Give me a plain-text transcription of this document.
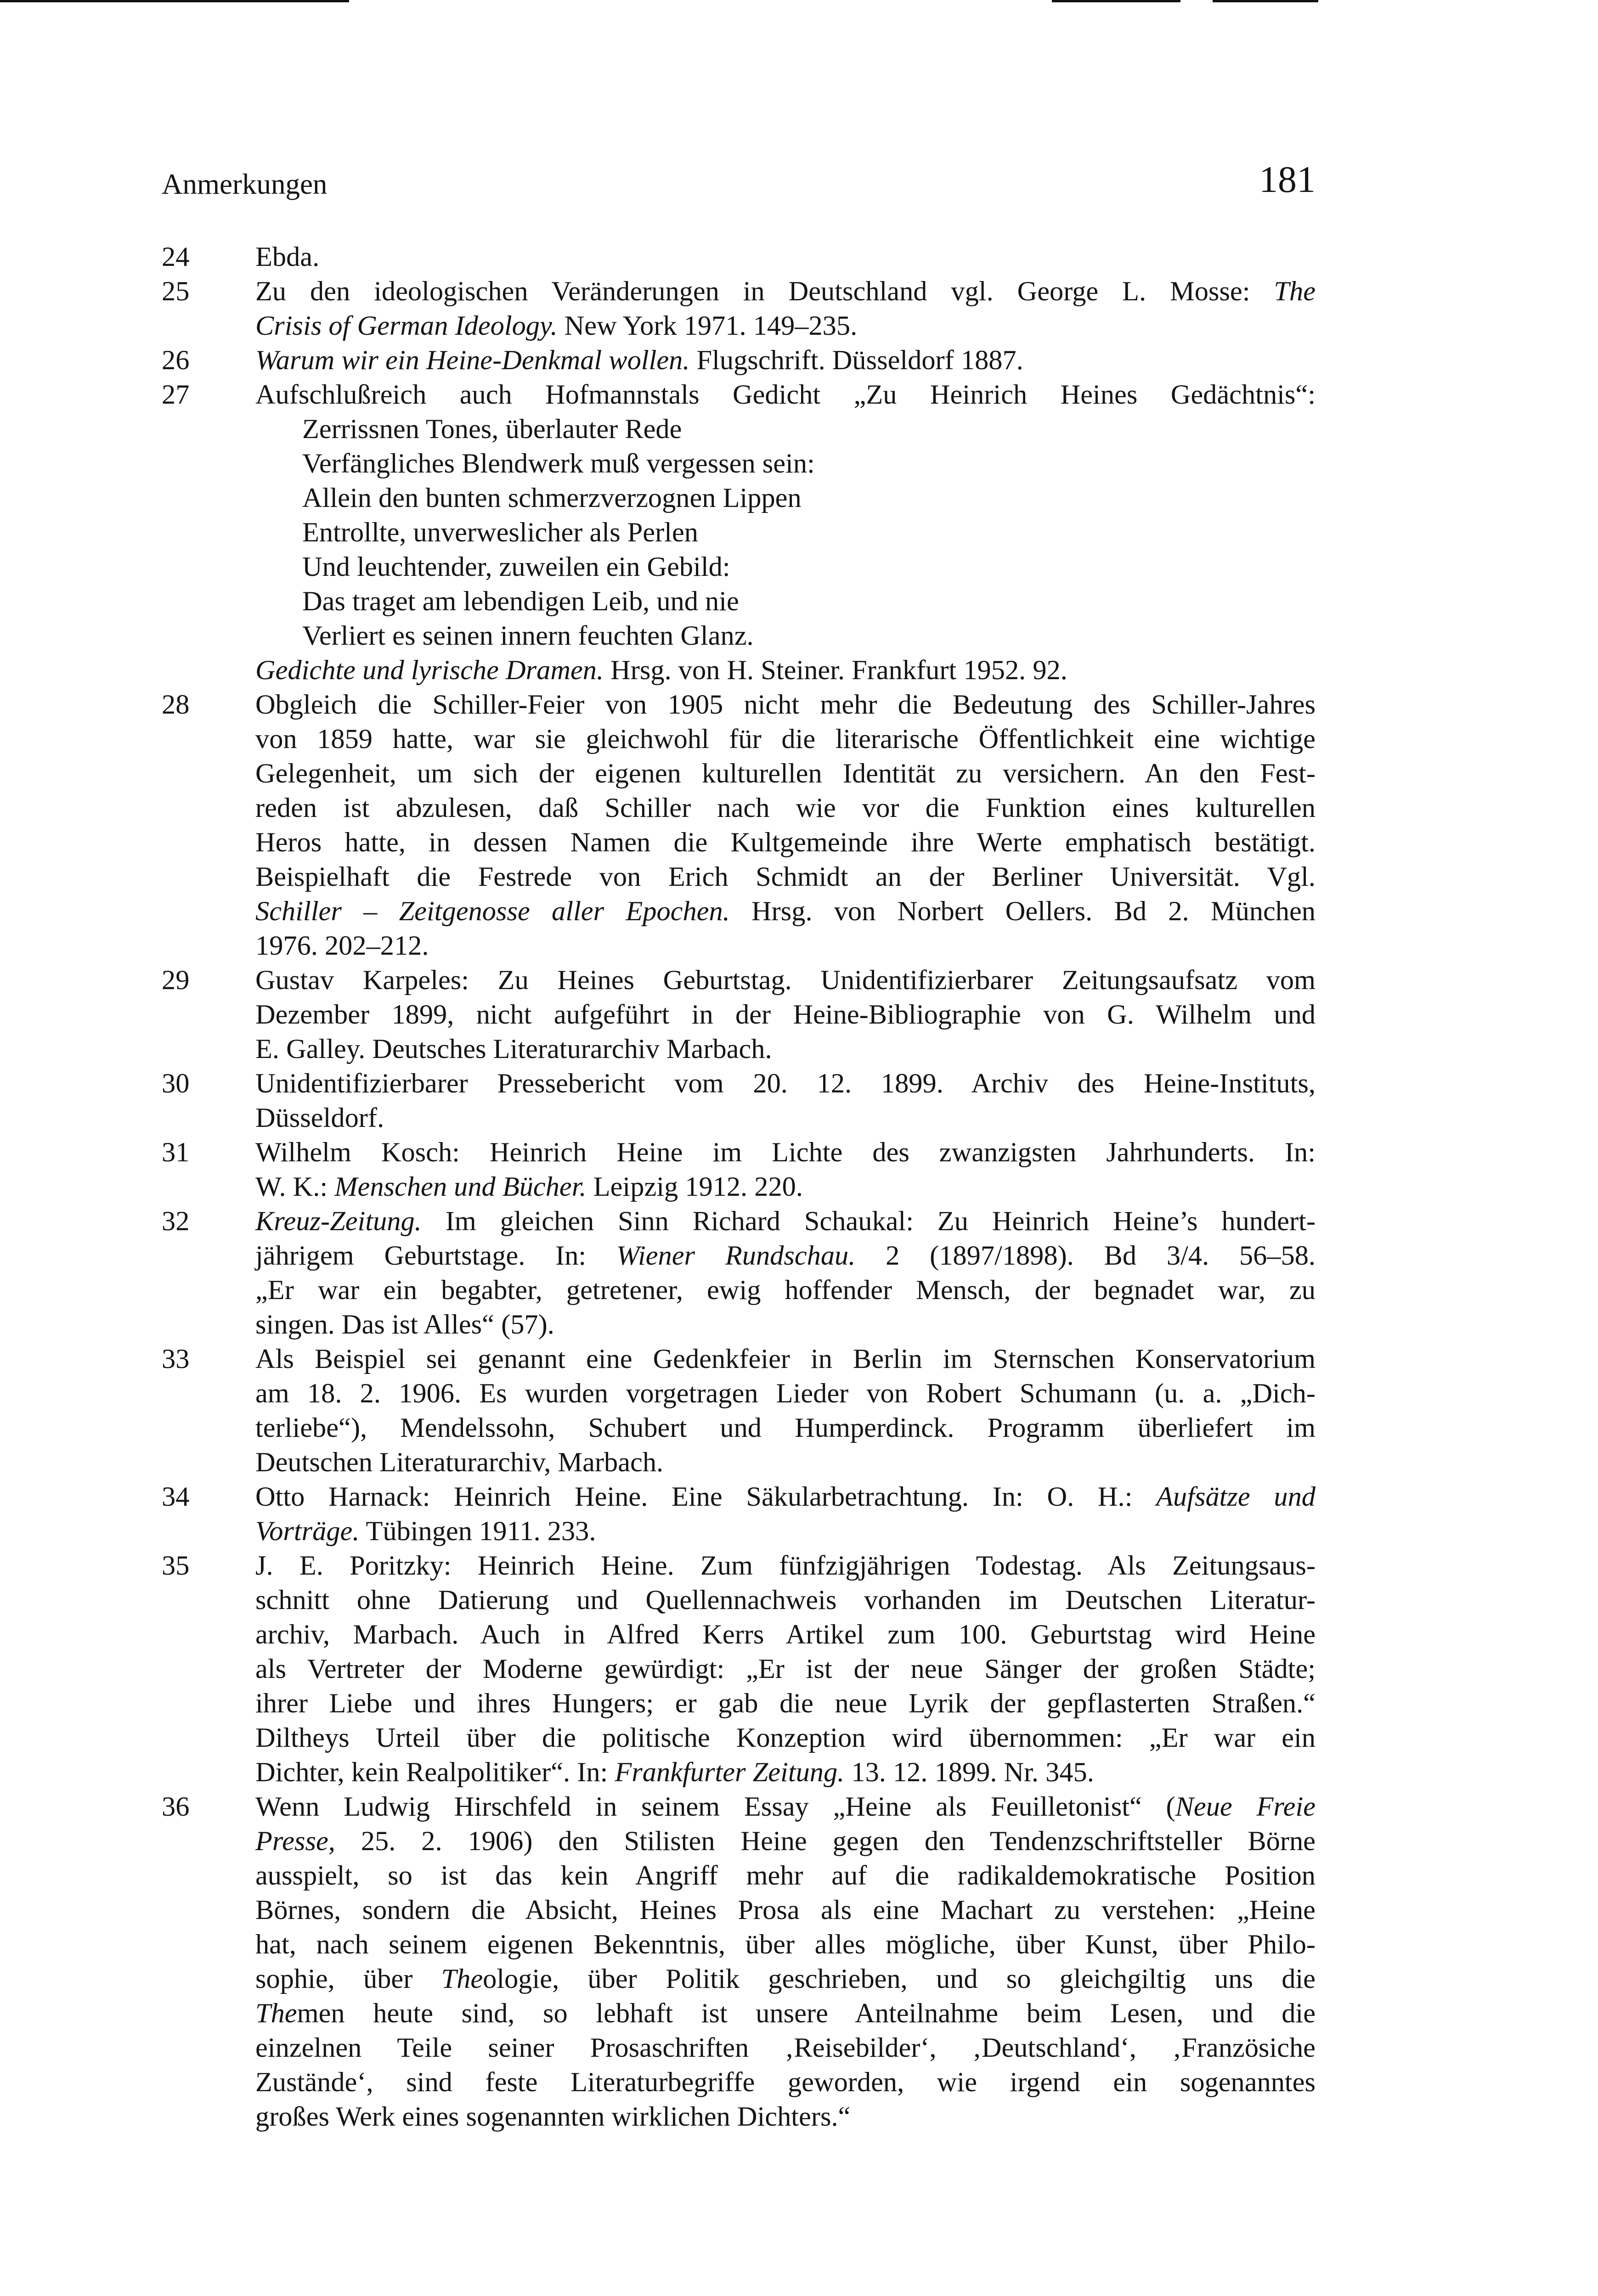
Anmerkungen	181
24 Ebda.
25 Zu den ideologischen Veränderungen in Deutschland vgl. George L. Mosse: The
Crisis of German Ideology. New York 1971. 149–235.
26 Warum wir ein Heine-Denkmal wollen. Flugschrift. Düsseldorf 1887.
27 Aufschlußreich auch Hofmannstals Gedicht „Zu Heinrich Heines Gedächtnis“:
Zerrissnen Tones, überlauter Rede
Verfängliches Blendwerk muß vergessen sein:
Allein den bunten schmerzverzognen Lippen
Entrollte, unverweslicher als Perlen
Und leuchtender, zuweilen ein Gebild:
Das traget am lebendigen Leib, und nie
Verliert es seinen innern feuchten Glanz.
Gedichte und lyrische Dramen. Hrsg. von H. Steiner. Frankfurt 1952. 92.
28 Obgleich die Schiller-Feier von 1905 nicht mehr die Bedeutung des Schiller-Jahres
von 1859 hatte, war sie gleichwohl für die literarische Öffentlichkeit eine wichtige
Gelegenheit, um sich der eigenen kulturellen Identität zu versichern. An den Fest-
reden ist abzulesen, daß Schiller nach wie vor die Funktion eines kulturellen
Heros hatte, in dessen Namen die Kultgemeinde ihre Werte emphatisch bestätigt.
Beispielhaft die Festrede von Erich Schmidt an der Berliner Universität. Vgl.
Schiller – Zeitgenosse aller Epochen. Hrsg. von Norbert Oellers. Bd 2. München
1976. 202–212.
29 Gustav Karpeles: Zu Heines Geburtstag. Unidentifizierbarer Zeitungsaufsatz vom
Dezember 1899, nicht aufgeführt in der Heine-Bibliographie von G. Wilhelm und
E. Galley. Deutsches Literaturarchiv Marbach.
30 Unidentifizierbarer Pressebericht vom 20. 12. 1899. Archiv des Heine-Instituts,
Düsseldorf.
31 Wilhelm Kosch: Heinrich Heine im Lichte des zwanzigsten Jahrhunderts. In:
W. K.: Menschen und Bücher. Leipzig 1912. 220.
32 Kreuz-Zeitung. Im gleichen Sinn Richard Schaukal: Zu Heinrich Heine’s hundert-
jährigem Geburtstage. In: Wiener Rundschau. 2 (1897/1898). Bd 3/4. 56–58.
„Er war ein begabter, getretener, ewig hoffender Mensch, der begnadet war, zu
singen. Das ist Alles“ (57).
33 Als Beispiel sei genannt eine Gedenkfeier in Berlin im Sternschen Konservatorium
am 18. 2. 1906. Es wurden vorgetragen Lieder von Robert Schumann (u. a. „Dich-
terliebe“), Mendelssohn, Schubert und Humperdinck. Programm überliefert im
Deutschen Literaturarchiv, Marbach.
34 Otto Harnack: Heinrich Heine. Eine Säkularbetrachtung. In: O. H.: Aufsätze und
Vorträge. Tübingen 1911. 233.
35 J. E. Poritzky: Heinrich Heine. Zum fünfzigjährigen Todestag. Als Zeitungsaus-
schnitt ohne Datierung und Quellennachweis vorhanden im Deutschen Literatur-
archiv, Marbach. Auch in Alfred Kerrs Artikel zum 100. Geburtstag wird Heine
als Vertreter der Moderne gewürdigt: „Er ist der neue Sänger der großen Städte;
ihrer Liebe und ihres Hungers; er gab die neue Lyrik der gepflasterten Straßen.“
Diltheys Urteil über die politische Konzeption wird übernommen: „Er war ein
Dichter, kein Realpolitiker“. In: Frankfurter Zeitung. 13. 12. 1899. Nr. 345.
36 Wenn Ludwig Hirschfeld in seinem Essay „Heine als Feuilletonist“ (Neue Freie
Presse, 25. 2. 1906) den Stilisten Heine gegen den Tendenzschriftsteller Börne
ausspielt, so ist das kein Angriff mehr auf die radikaldemokratische Position
Börnes, sondern die Absicht, Heines Prosa als eine Machart zu verstehen: „Heine
hat, nach seinem eigenen Bekenntnis, über alles mögliche, über Kunst, über Philo-
sophie, über Theologie, über Politik geschrieben, und so gleichgiltig uns die
Themen heute sind, so lebhaft ist unsere Anteilnahme beim Lesen, und die
einzelnen Teile seiner Prosaschriften ‚Reisebilder‘, ‚Deutschland‘, ‚Französiche
Zustände‘, sind feste Literaturbegriffe geworden, wie irgend ein sogenanntes
großes Werk eines sogenannten wirklichen Dichters.“
